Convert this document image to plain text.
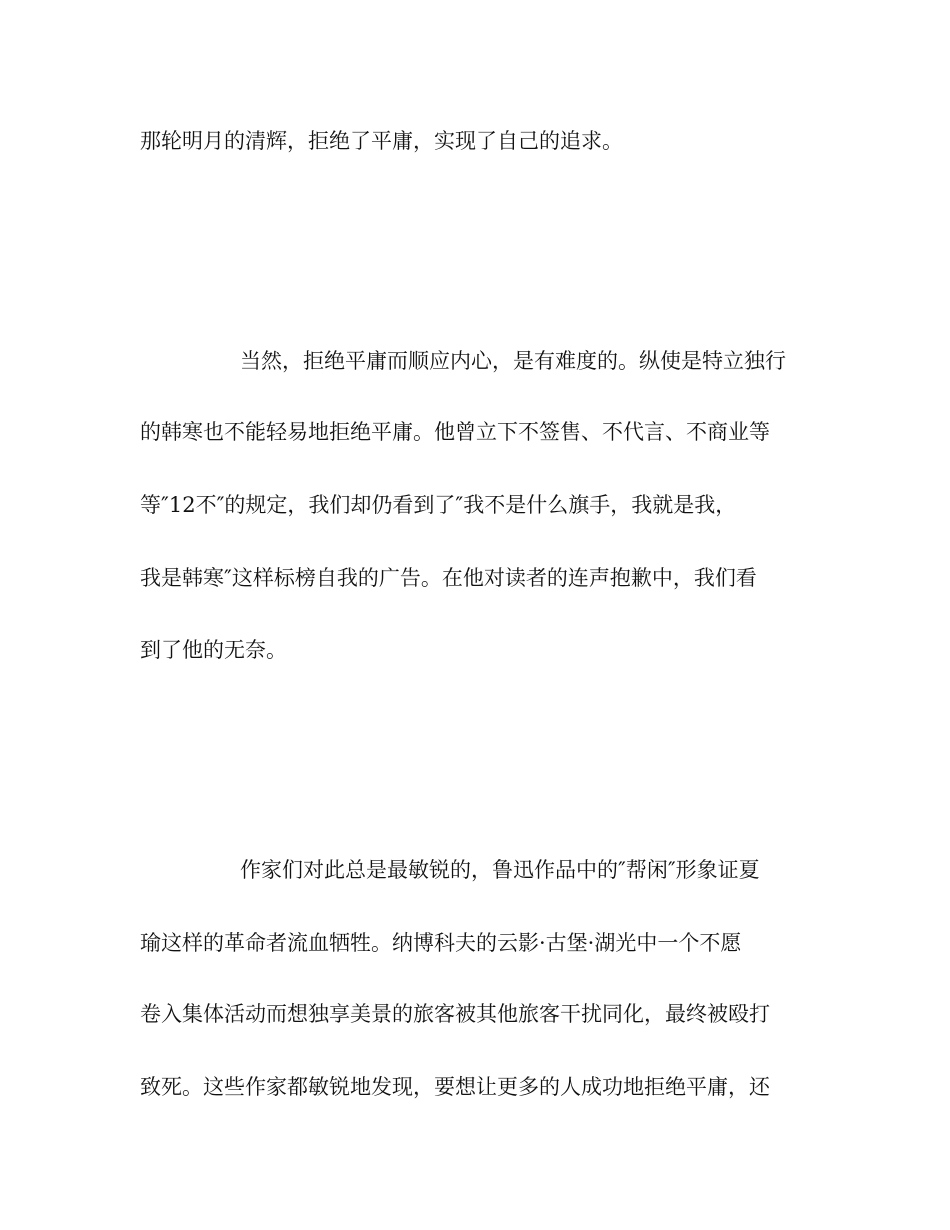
那轮明月的清辉，拒绝了平庸，实现了自己的追求。
当然，拒绝平庸而顺应内心，是有难度的。纵使是特立独行
的韩寒也不能轻易地拒绝平庸。他曾立下不签售、不代言、不商业等
等″12不″的规定，我们却仍看到了″我不是什么旗手，我就是我，
我是韩寒″这样标榜自我的广告。在他对读者的连声抱歉中，我们看
到了他的无奈。
作家们对此总是最敏锐的，鲁迅作品中的″帮闲″形象证夏
瑜这样的革命者流血牺牲。纳博科夫的云影·古堡·湖光中一个不愿
卷入集体活动而想独享美景的旅客被其他旅客干扰同化，最终被殴打
致死。这些作家都敏锐地发现，要想让更多的人成功地拒绝平庸，还
